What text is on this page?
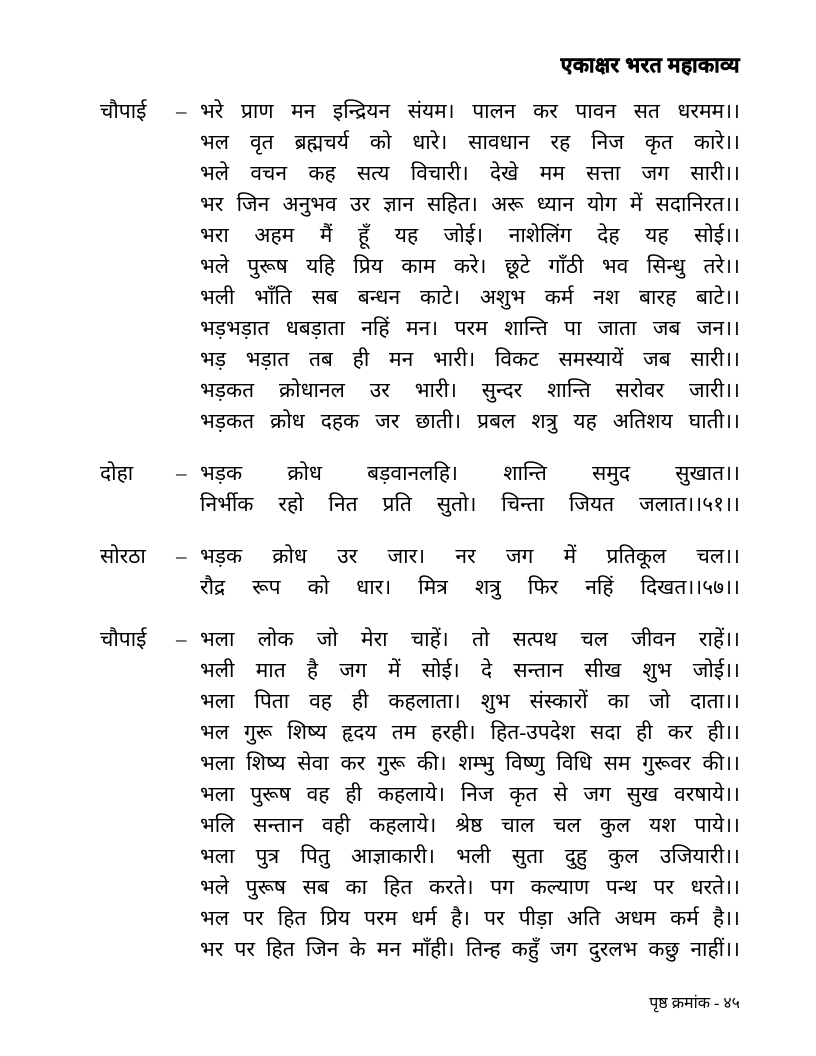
एकाक्षर भरत महाकाव्य
चौपाई	– भरे प्राण मन इन्द्रियन संयम। पालन कर पावन सत धरमम।।

भल वृत ब्रह्मचर्य को धारे। सावधान रह निज कृत कारे।।

भले वचन कह सत्य विचारी। देखे मम सत्ता जग सारी।।

भर जिन अनुभव उर ज्ञान सहित। अरू ध्यान योग में सदानिरत।।

भरा अहम मैं हूँ यह जोई। नाशेलिंग देह यह सोई।।

भले पुरूष यहि प्रिय काम करे। छूटे गाँठी भव सिन्धु तरे।।

भली भाँति सब बन्धन काटे। अशुभ कर्म नश बारह बाटे।।

भड़भड़ात धबड़ाता नहिं मन। परम शान्ति पा जाता जब जन।।

भड़ भड़ात तब ही मन भारी। विकट समस्यायें जब सारी।।

भड़कत क्रोधानल उर भारी। सुन्दर शान्ति सरोवर जारी।।

भड़कत क्रोध दहक जर छाती। प्रबल शत्रु यह अतिशय घाती।।

दोहा	– भड़क क्रोध बड़वानलहि। शान्ति समुद सुखात।।

निर्भीक रहो नित प्रति सुतो। चिन्ता जियत जलात।।५१।।

सोरठा	– भड़क क्रोध उर जार। नर जग में प्रतिकूल चल।।

रौद्र रूप को धार। मित्र शत्रु फिर नहिं दिखत।।५७।।

चौपाई	– भला लोक जो मेरा चाहें। तो सत्पथ चल जीवन राहें।।

भली मात है जग में सोई। दे सन्तान सीख शुभ जोई।।

भला पिता वह ही कहलाता। शुभ संस्कारों का जो दाता।।

भल गुरू शिष्य हृदय तम हरही। हित-उपदेश सदा ही कर ही।।

भला शिष्य सेवा कर गुरू की। शम्भु विष्णु विधि सम गुरूवर की।।

भला पुरूष वह ही कहलाये। निज कृत से जग सुख वरषाये।।

भलि सन्तान वही कहलाये। श्रेष्ठ चाल चल कुल यश पाये।।

भला पुत्र पितु आज्ञाकारी। भली सुता दुहु कुल उजियारी।।

भले पुरूष सब का हित करते। पग कल्याण पन्थ पर धरते।।

भल पर हित प्रिय परम धर्म है। पर पीड़ा अति अधम कर्म है।।

भर पर हित जिन के मन माँही। तिन्ह कहुँ जग दुरलभ कछु नाहीं।।

पृष्ठ क्रमांक - ४५
